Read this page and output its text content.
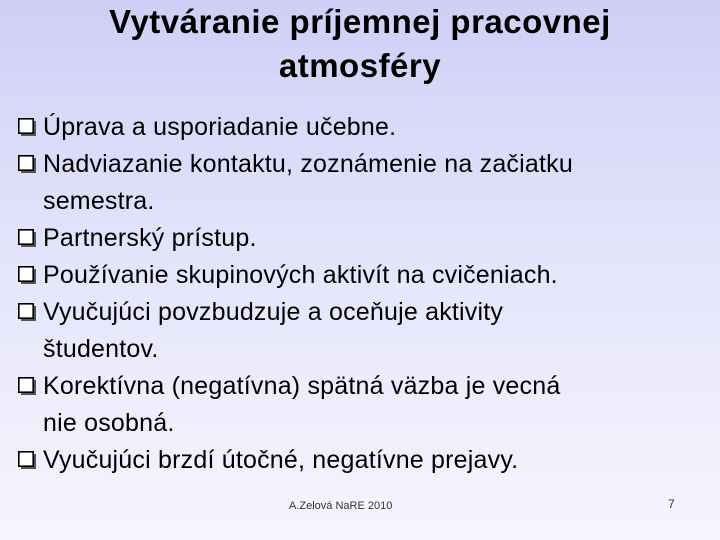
Vytváranie príjemnej pracovnej
atmosféry
Úprava a usporiadanie učebne.
Nadviazanie kontaktu, zoznámenie na začiatku
semestra.
Partnerský prístup.
Používanie skupinových aktivít na cvičeniach.
Vyučujúci povzbudzuje a oceňuje aktivity
študentov.
Korektívna (negatívna) spätná väzba je vecná
nie osobná.
Vyučujúci brzdí útočné, negatívne prejavy.
A.Zelová NaRE 2010	7
